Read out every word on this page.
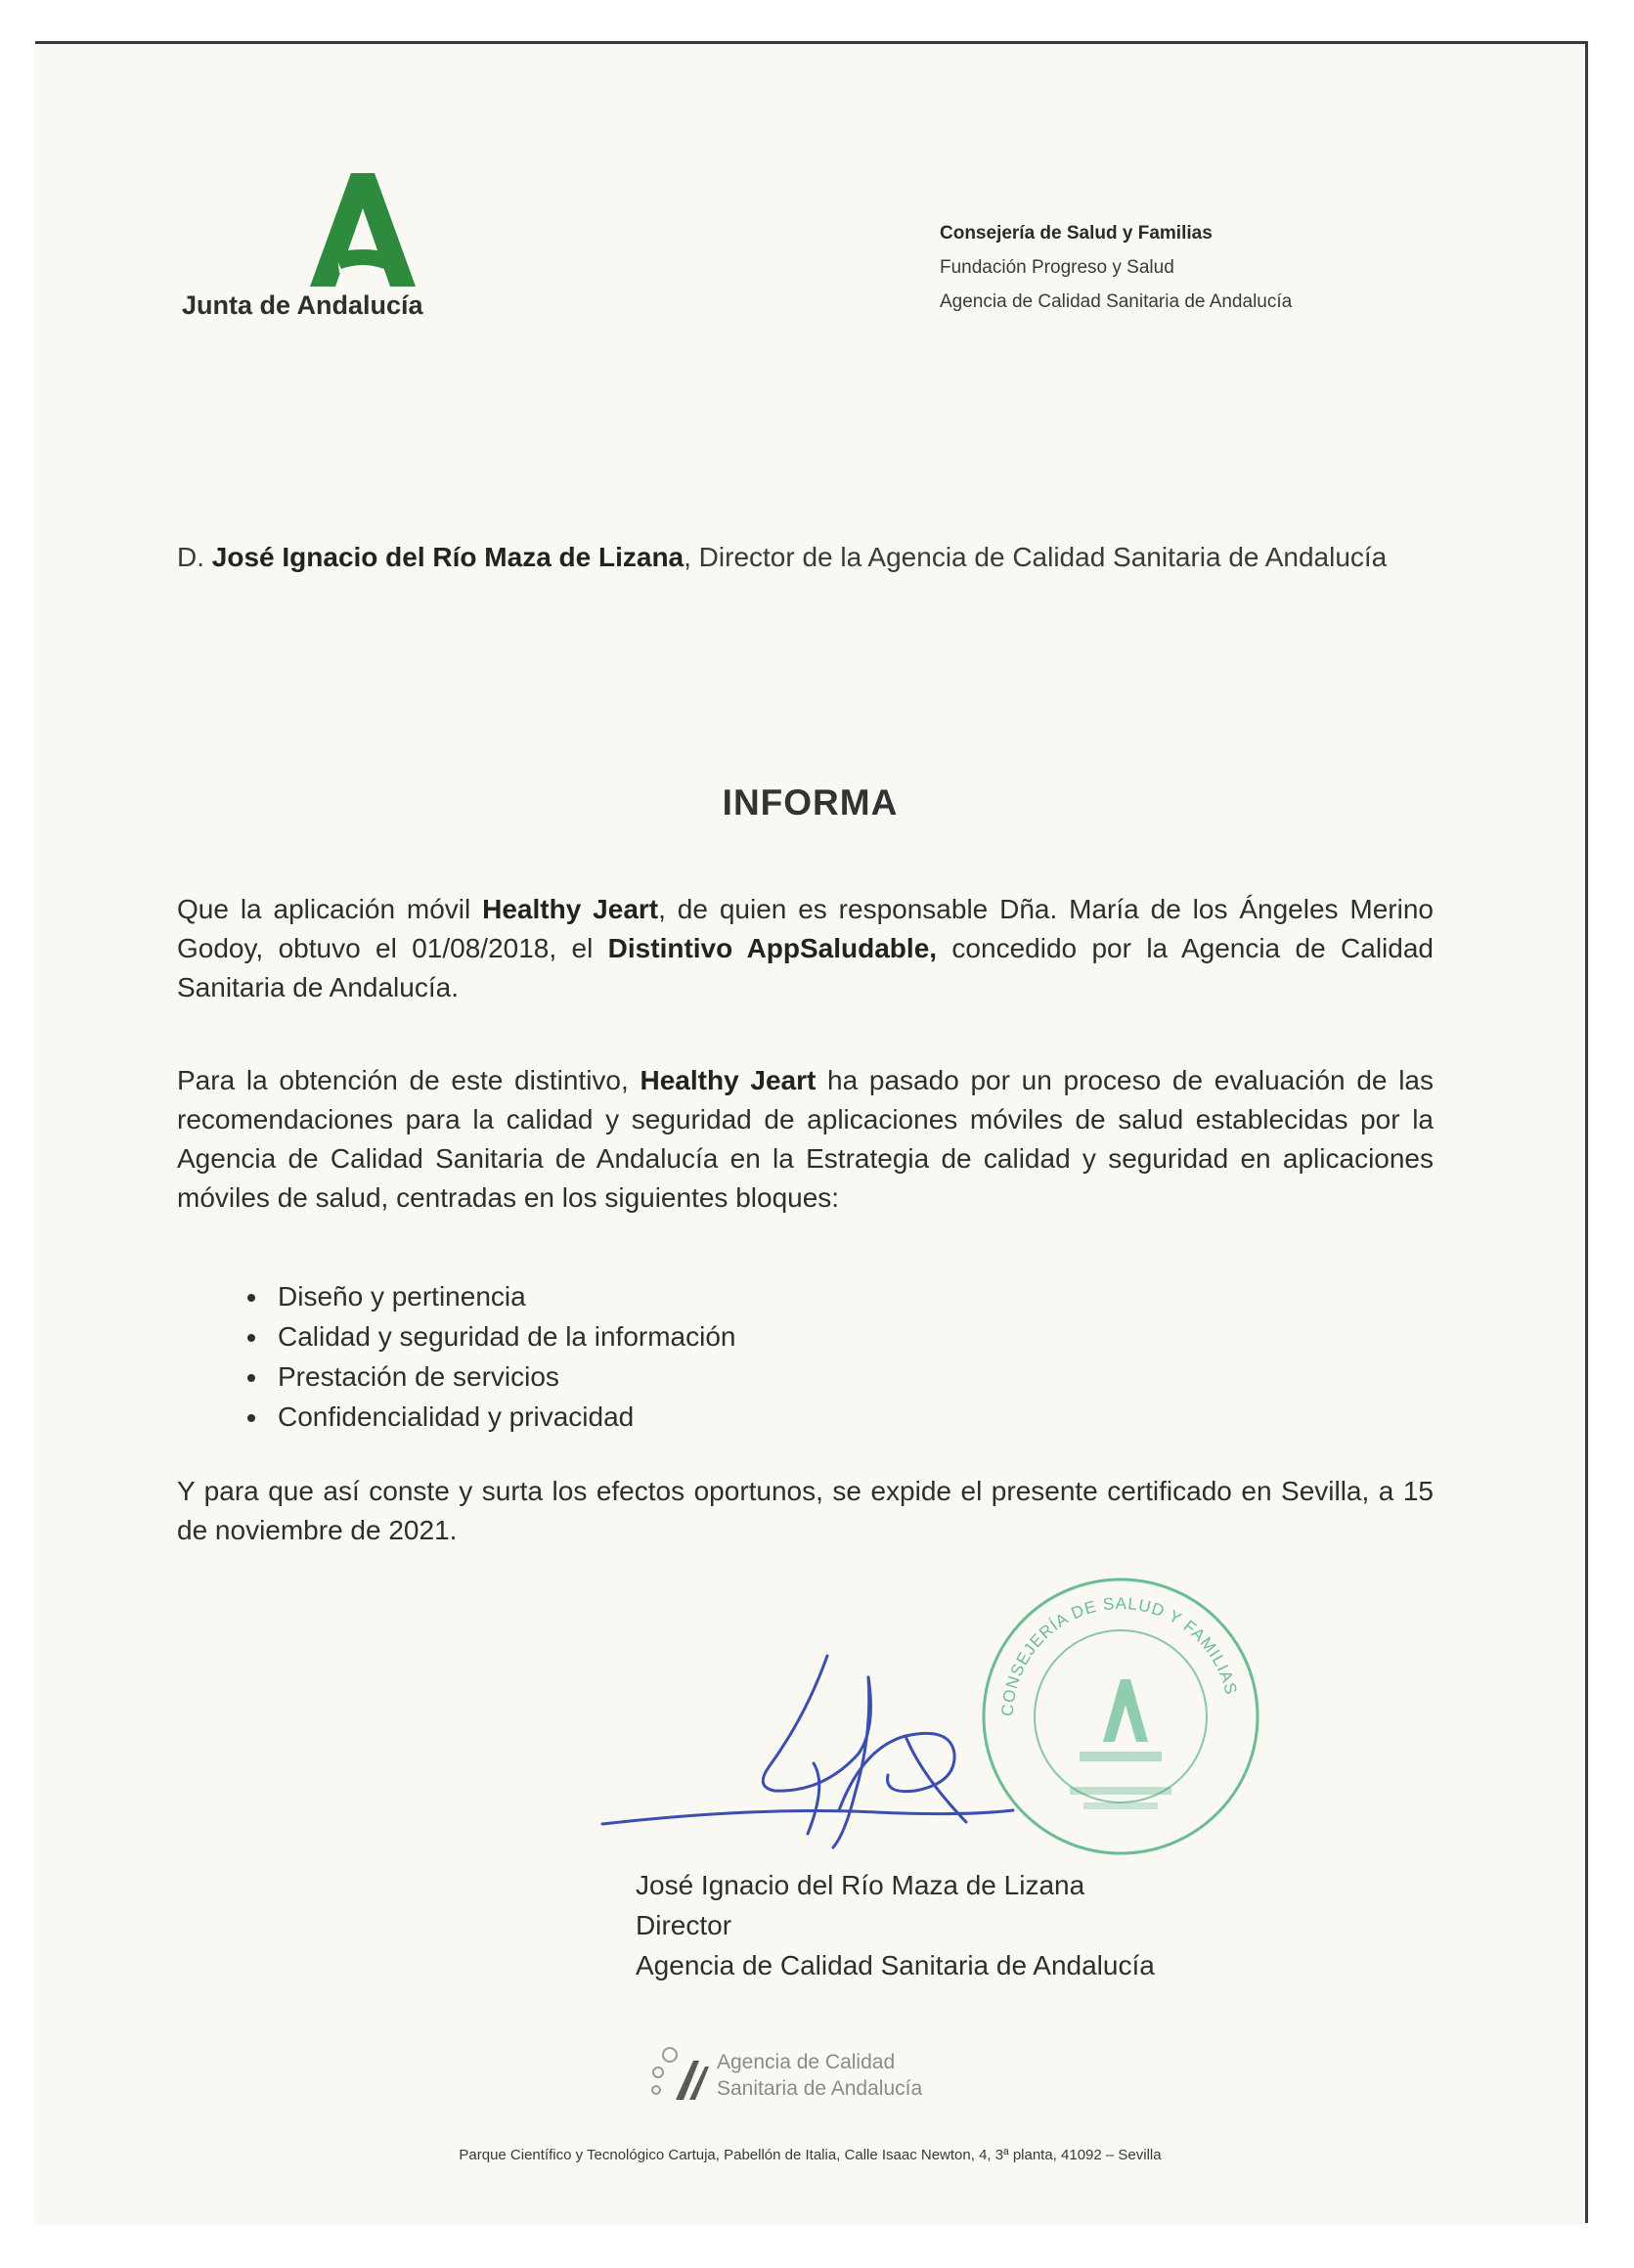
Junta de Andalucía
Consejería de Salud y Familias
Fundación Progreso y Salud
Agencia de Calidad Sanitaria de Andalucía
D. José Ignacio del Río Maza de Lizana, Director de la Agencia de Calidad Sanitaria de Andalucía
INFORMA
Que la aplicación móvil Healthy Jeart, de quien es responsable Dña. María de los Ángeles Merino Godoy, obtuvo el 01/08/2018, el Distintivo AppSaludable, concedido por la Agencia de Calidad Sanitaria de Andalucía.
Para la obtención de este distintivo, Healthy Jeart ha pasado por un proceso de evaluación de las recomendaciones para la calidad y seguridad de aplicaciones móviles de salud establecidas por la Agencia de Calidad Sanitaria de Andalucía en la Estrategia de calidad y seguridad en aplicaciones móviles de salud, centradas en los siguientes bloques:
• Diseño y pertinencia
• Calidad y seguridad de la información
• Prestación de servicios
• Confidencialidad y privacidad
Y para que así conste y surta los efectos oportunos, se expide el presente certificado en Sevilla, a 15 de noviembre de 2021.
CONSEJERÍA DE SALUD Y FAMILIAS
José Ignacio del Río Maza de Lizana
Director
Agencia de Calidad Sanitaria de Andalucía
Agencia de Calidad
Sanitaria de Andalucía
Parque Científico y Tecnológico Cartuja, Pabellón de Italia, Calle Isaac Newton, 4, 3ª planta, 41092 – Sevilla
